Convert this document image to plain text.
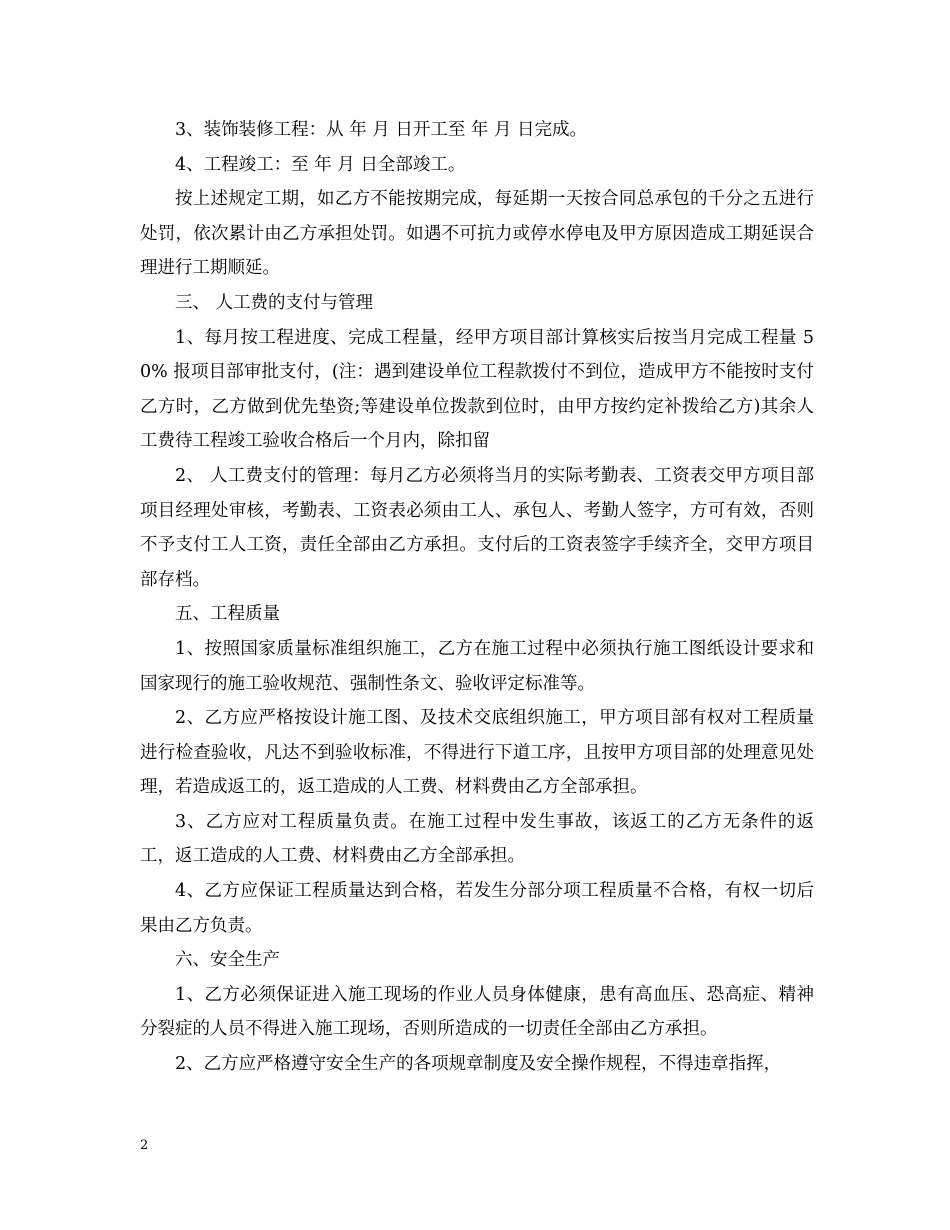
3、装饰装修工程：从 年 月 日开工至 年 月 日完成。

4、工程竣工：至 年 月 日全部竣工。

按上述规定工期，如乙方不能按期完成，每延期一天按合同总承包的千分之五进行处罚，依次累计由乙方承担处罚。如遇不可抗力或停水停电及甲方原因造成工期延误合理进行工期顺延。

三、 人工费的支付与管理

1、每月按工程进度、完成工程量，经甲方项目部计算核实后按当月完成工程量 50% 报项目部审批支付，(注：遇到建设单位工程款拨付不到位，造成甲方不能按时支付乙方时，乙方做到优先垫资;等建设单位拨款到位时，由甲方按约定补拨给乙方)其余人工费待工程竣工验收合格后一个月内，除扣留

2、 人工费支付的管理：每月乙方必须将当月的实际考勤表、工资表交甲方项目部项目经理处审核，考勤表、工资表必须由工人、承包人、考勤人签字，方可有效，否则不予支付工人工资，责任全部由乙方承担。支付后的工资表签字手续齐全，交甲方项目部存档。

五、工程质量

1、按照国家质量标准组织施工，乙方在施工过程中必须执行施工图纸设计要求和国家现行的施工验收规范、强制性条文、验收评定标准等。

2、乙方应严格按设计施工图、及技术交底组织施工，甲方项目部有权对工程质量进行检查验收，凡达不到验收标准，不得进行下道工序，且按甲方项目部的处理意见处理，若造成返工的，返工造成的人工费、材料费由乙方全部承担。

3、乙方应对工程质量负责。在施工过程中发生事故，该返工的乙方无条件的返工，返工造成的人工费、材料费由乙方全部承担。

4、乙方应保证工程质量达到合格，若发生分部分项工程质量不合格，有权一切后果由乙方负责。

六、安全生产

1、乙方必须保证进入施工现场的作业人员身体健康，患有高血压、恐高症、精神分裂症的人员不得进入施工现场，否则所造成的一切责任全部由乙方承担。

2、乙方应严格遵守安全生产的各项规章制度及安全操作规程，不得违章指挥，

2
